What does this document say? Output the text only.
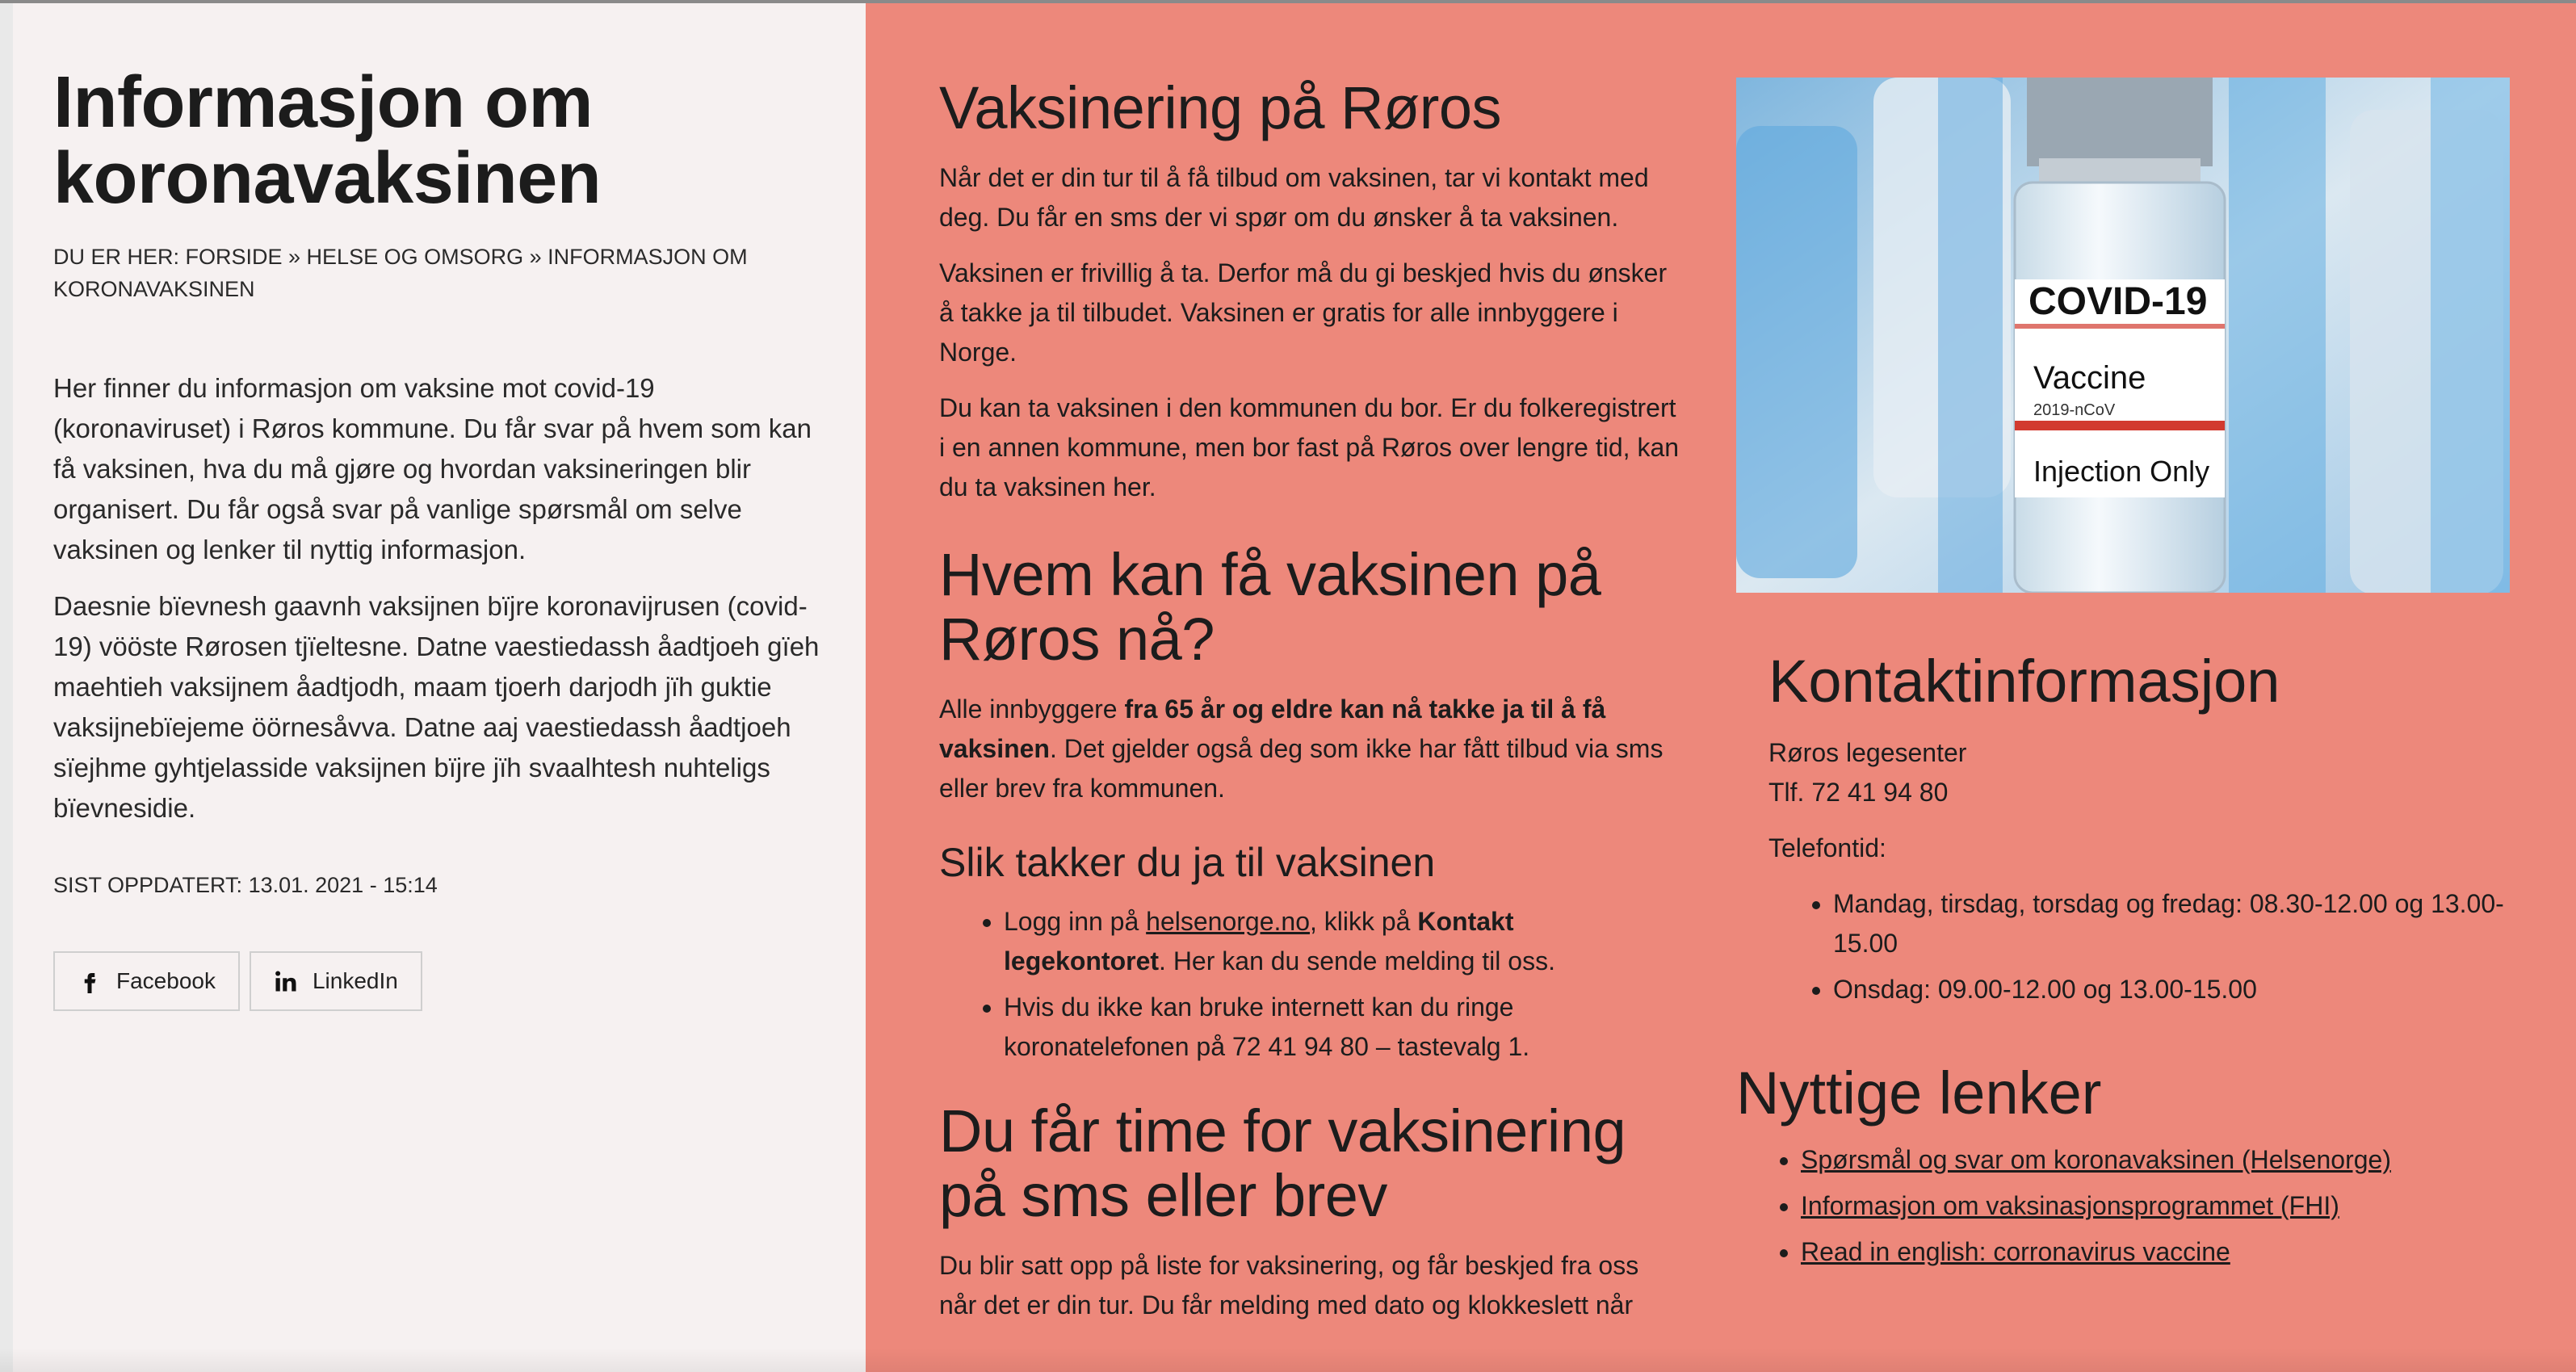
Informasjon om
koronavaksinen
DU ER HER: FORSIDE » HELSE OG OMSORG » INFORMASJON OM
KORONAVAKSINEN

Her finner du informasjon om vaksine mot covid-19 (koronaviruset) i Røros kommune. Du får svar på hvem som kan få vaksinen, hva du må gjøre og hvordan vaksineringen blir organisert. Du får også svar på vanlige spørsmål om selve vaksinen og lenker til nyttig informasjon.

Daesnie bïevnesh gaavnh vaksijnen bïjre koronavijrusen (covid-19) vööste Rørosen tjïeltesne. Datne vaestiedassh åadtjoeh gïeh maehtieh vaksijnem åadtjodh, maam tjoerh darjodh jïh guktie vaksijnebïejeme öörnesåvva. Datne aaj vaestiedassh åadtjoeh sïejhme gyhtjelasside vaksijnen bïjre jïh svaalhtesh nuhteligs bïevnesidie.

SIST OPPDATERT: 13.01. 2021 - 15:14
Facebook	LinkedIn
Vaksinering på Røros

Når det er din tur til å få tilbud om vaksinen, tar vi kontakt med deg. Du får en sms der vi spør om du ønsker å ta vaksinen.

Vaksinen er frivillig å ta. Derfor må du gi beskjed hvis du ønsker å takke ja til tilbudet. Vaksinen er gratis for alle innbyggere i Norge.

Du kan ta vaksinen i den kommunen du bor. Er du folkeregistrert i en annen kommune, men bor fast på Røros over lengre tid, kan du ta vaksinen her.

Hvem kan få vaksinen på Røros nå?

Alle innbyggere fra 65 år og eldre kan nå takke ja til å få vaksinen. Det gjelder også deg som ikke har fått tilbud via sms eller brev fra kommunen.

Slik takker du ja til vaksinen
• Logg inn på helsenorge.no, klikk på Kontakt legekontoret. Her kan du sende melding til oss.
• Hvis du ikke kan bruke internett kan du ringe koronatelefonen på 72 41 94 80 – tastevalg 1.
Du får time for vaksinering på sms eller brev

Du blir satt opp på liste for vaksinering, og får beskjed fra oss når det er din tur. Du får melding med dato og klokkeslett når

COVID-19
Vaccine
2019-nCoV
Injection Only
Kontaktinformasjon

Røros legesenter
Tlf. 72 41 94 80

Telefontid:

• Mandag, tirsdag, torsdag og fredag: 08.30-12.00 og 13.00-15.00
• Onsdag: 09.00-12.00 og 13.00-15.00
Nyttige lenker
• Spørsmål og svar om koronavaksinen (Helsenorge)
• Informasjon om vaksinasjonsprogrammet (FHI)
• Read in english: corronavirus vaccine
